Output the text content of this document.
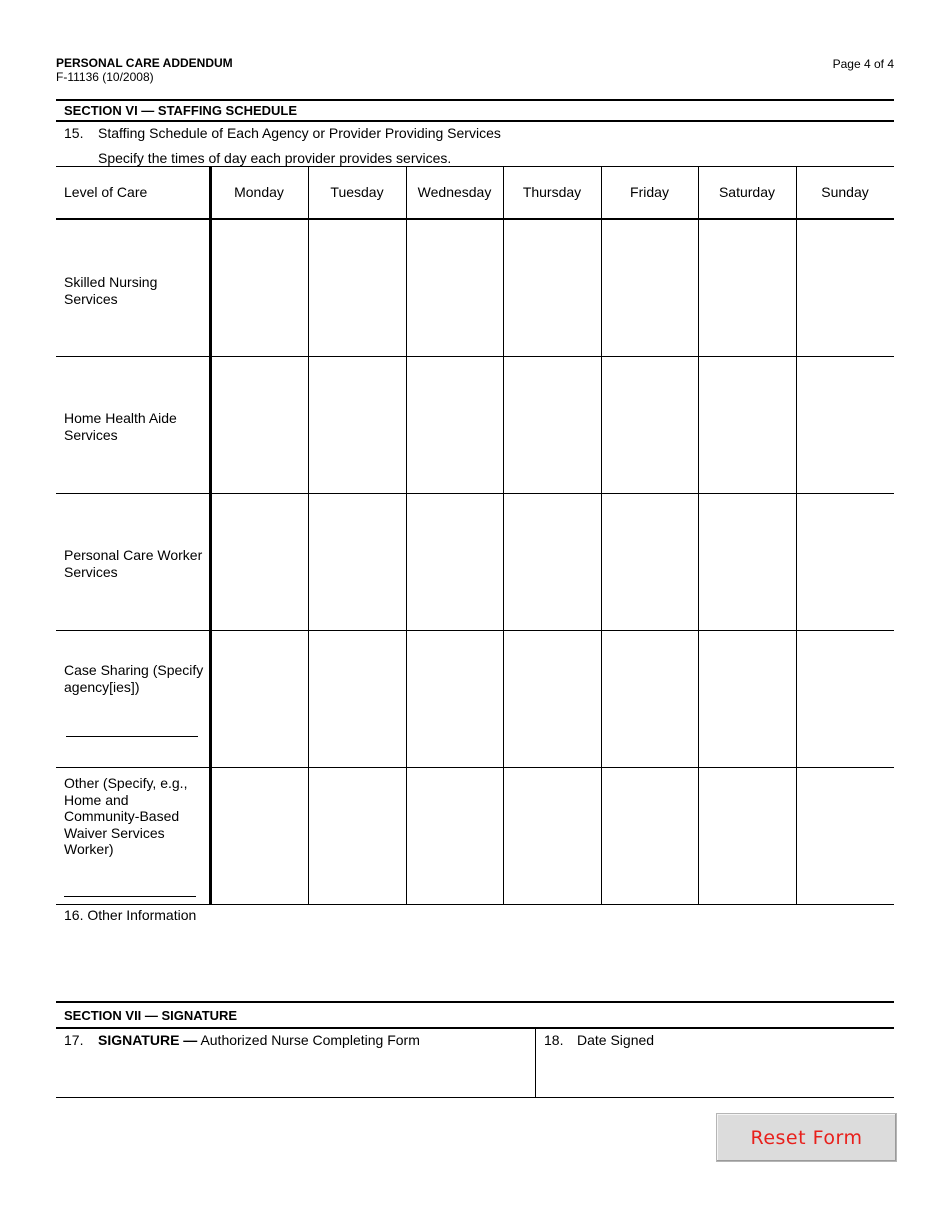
PERSONAL CARE ADDENDUM
F-11136 (10/2008)
Page 4 of 4
SECTION VI — STAFFING SCHEDULE
15. Staffing Schedule of Each Agency or Provider Providing Services
Specify the times of day each provider provides services.
Level of Care	Monday	Tuesday	Wednesday	Thursday	Friday	Saturday	Sunday
Skilled Nursing Services
Home Health Aide Services
Personal Care Worker Services
Case Sharing (Specify agency[ies])
Other (Specify, e.g., Home and Community-Based Waiver Services Worker)
16. Other Information
SECTION VII — SIGNATURE
17. SIGNATURE — Authorized Nurse Completing Form	18. Date Signed
Reset Form
